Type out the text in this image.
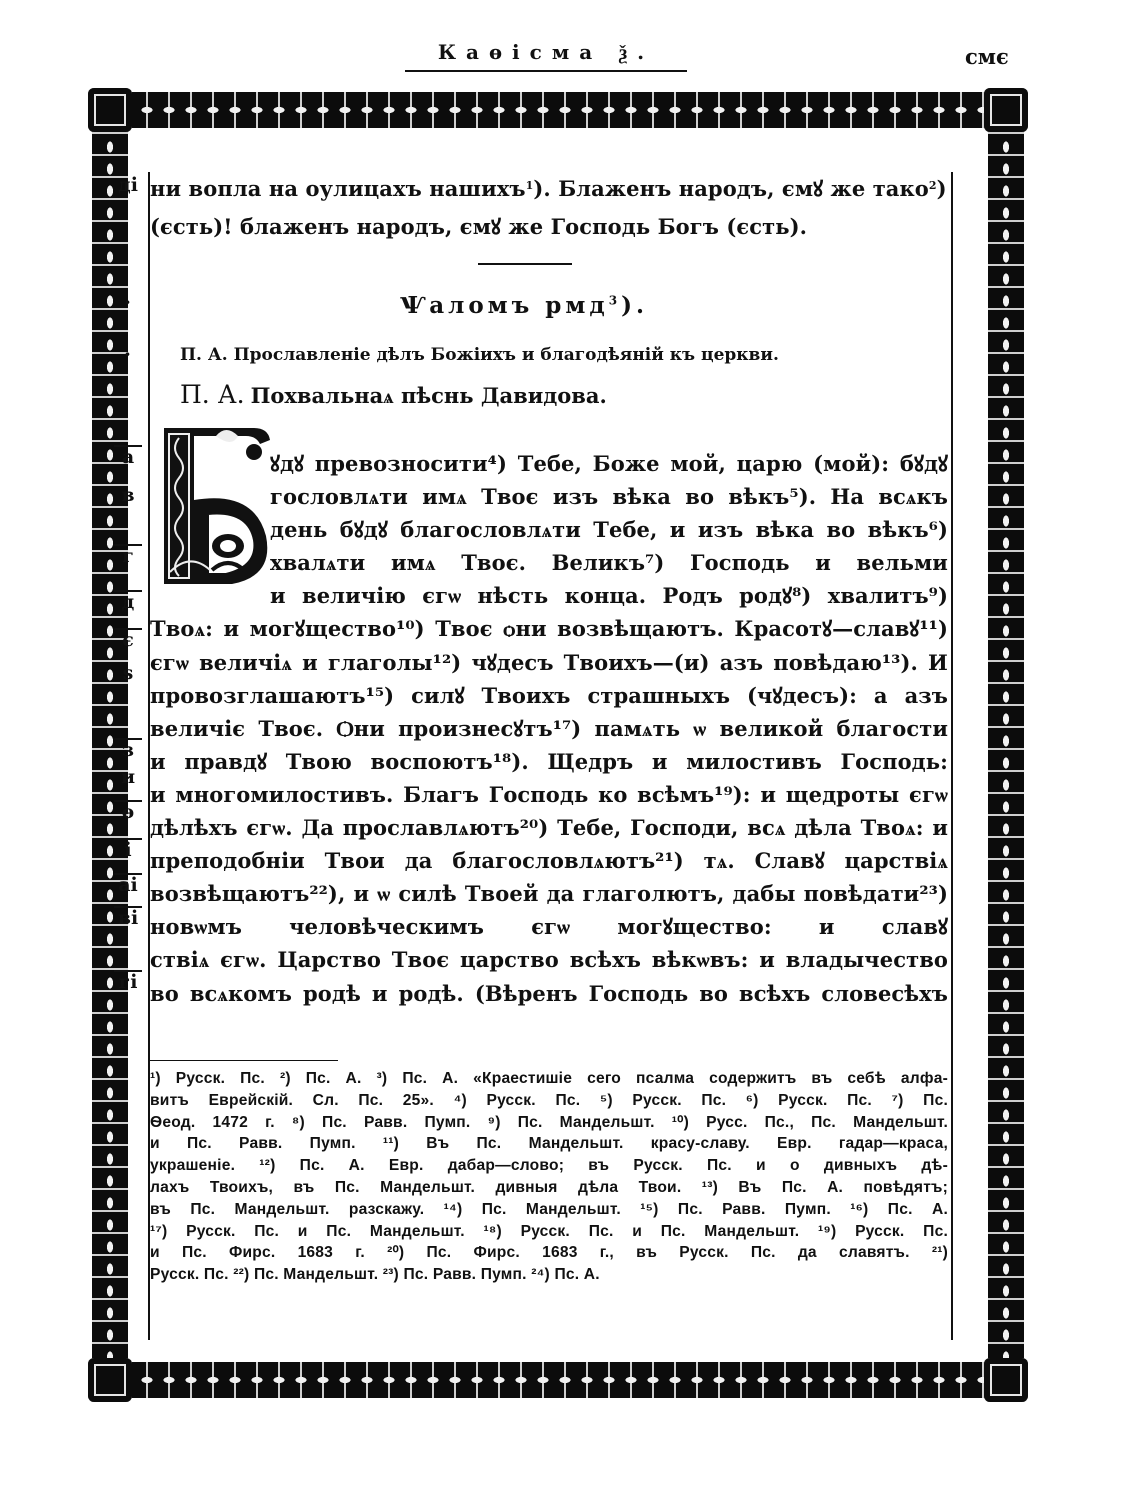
Каѳісма ѯ.	смє
ді
·
·
а
в
г
д
є
ѕ
з
и
ѳ
і
аі
ві
гі
ни вопла на оулицахъ нашихъ$^1$). Блаженъ народъ, ємꙋ же тако$^2$)
(єсть)! блаженъ народъ, ємꙋ же Господь Богъ (єсть).
Ѱаломъ рмд$^3$).
П. А. Прославленіе дѣлъ Божіихъ и благодѣяній къ церкви.
П. А. Похвальнаѧ пѣснь Давидова.
ꙋдꙋ превозносити⁴) Тебе, Боже мой, царю (мой): бꙋдꙋ
гословлѧти имѧ Твоє изъ вѣка во вѣкъ⁵). На всѧкъ
день бꙋдꙋ благословлѧти Тебе, и изъ вѣка во вѣкъ⁶)
хвалѧти имѧ Твоє. Великъ⁷) Господь и вельми
и величію єгѡ нѣсть конца. Родъ родꙋ⁸) хвалитъ⁹)
Твоѧ: и могꙋщество¹⁰) Твоє ѻни возвѣщаютъ. Красотꙋ—славꙋ¹¹)
єгѡ величіѧ и глаголы¹²) чꙋдесъ Твоихъ—(и) азъ повѣдаю¹³). И
провозглашаютъ¹⁵) силꙋ Твоихъ страшныхъ (чꙋдесъ): а азъ
величіє Твоє. Ѻни произнесꙋтъ¹⁷) памѧть ѡ великой благости
и правдꙋ Твою воспоютъ¹⁸). Щедръ и милостивъ Господь:
и многомилостивъ. Благъ Господь ко всѣмъ¹⁹): и щедроты єгѡ
дѣлѣхъ єгѡ. Да прославлѧютъ²⁰) Тебе, Господи, всѧ дѣла Твоѧ: и
преподобніи Твои да благословлѧютъ²¹) тѧ. Славꙋ царствіѧ
возвѣщаютъ²²), и ѡ силѣ Твоей да глаголютъ, дабы повѣдати²³)
новѡмъ человѣческимъ єгѡ могꙋщество: и славꙋ
ствіѧ єгѡ. Царство Твоє царство всѣхъ вѣкѡвъ: и владычество
во всѧкомъ родѣ и родѣ. (Вѣренъ Господь во всѣхъ словесѣхъ
¹) Русск. Пс. ²) Пс. А. ³) Пс. А. «Краестишіе сего псалма содержитъ въ себѣ алфа-
витъ Еврейскій. Сл. Пс. 25». ⁴) Русск. Пс. ⁵) Русск. Пс. ⁶) Русск. Пс. ⁷) Пс.
Ѳеод. 1472 г. ⁸) Пс. Равв. Пумп. ⁹) Пс. Мандельшт. ¹⁰) Русс. Пс., Пс. Мандельшт.
и Пс. Равв. Пумп. ¹¹) Въ Пс. Мандельшт. красу-славу. Евр. гадар—краса,
украшеніе. ¹²) Пс. А. Евр. дабар—слово; въ Русск. Пс. и о дивныхъ дѣ-
лахъ Твоихъ, въ Пс. Мандельшт. дивныя дѣла Твои. ¹³) Въ Пс. А. повѣдятъ;
въ Пс. Мандельшт. разскажу. ¹⁴) Пс. Мандельшт. ¹⁵) Пс. Равв. Пумп. ¹⁶) Пс. А.
¹⁷) Русск. Пс. и Пс. Мандельшт. ¹⁸) Русск. Пс. и Пс. Мандельшт. ¹⁹) Русск. Пс.
и Пс. Фирс. 1683 г. ²⁰) Пс. Фирс. 1683 г., въ Русск. Пс. да славятъ. ²¹)
Русск. Пс. ²²) Пс. Мандельшт. ²³) Пс. Равв. Пумп. ²⁴) Пс. А.
